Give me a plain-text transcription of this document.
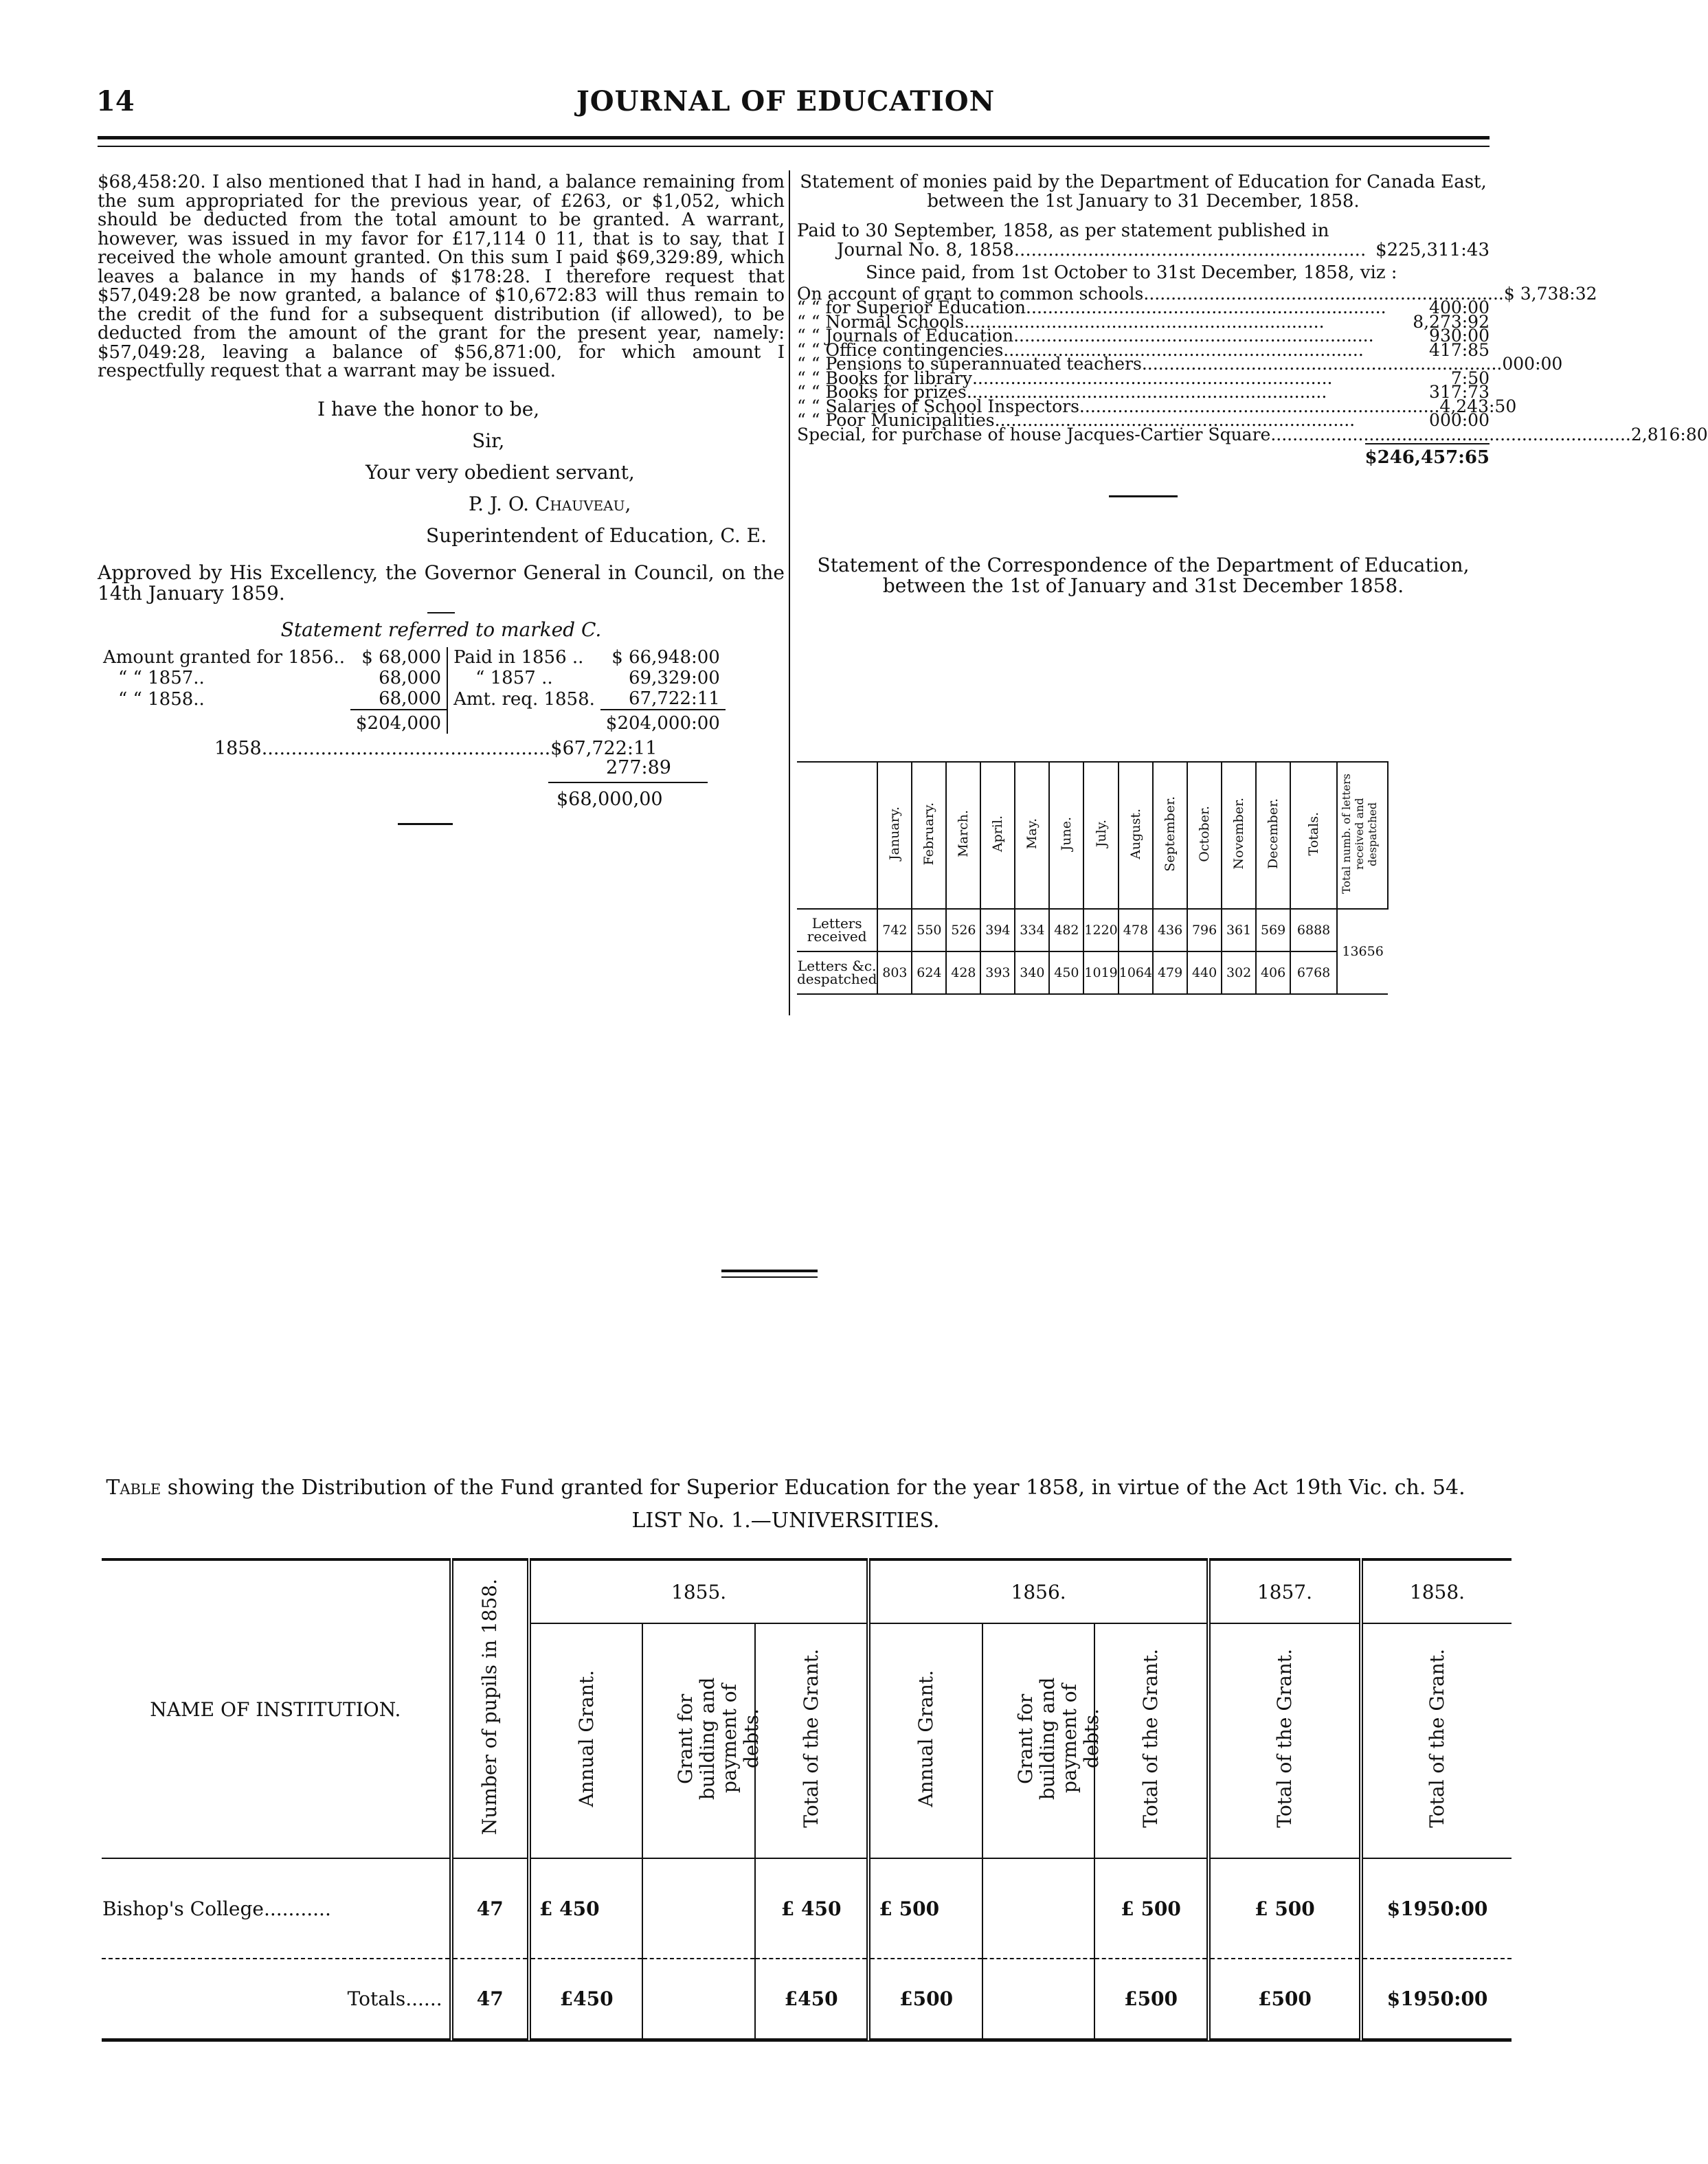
14	JOURNAL OF EDUCATION

$68,458:20. I also mentioned that I had in hand, a balance remaining from the sum appropriated for the previous year, of £263, or $1,052, which should be deducted from the total amount to be granted. A warrant, however, was issued in my favor for £17,114 0 11, that is to say, that I received the whole amount granted. On this sum I paid $69,329:89, which leaves a balance in my hands of $178:28. I therefore request that $57,049:28 be now granted, a balance of $10,672:83 will thus remain to the credit of the fund for a subsequent distribution (if allowed), to be deducted from the amount of the grant for the present year, namely: $57,049:28, leaving a balance of $56,871:00, for which amount I respectfully request that a warrant may be issued.

I have the honor to be,
Sir,
Your very obedient servant,
P. J. O. Chauveau,
Superintendent of Education, C. E.

Approved by His Excellency, the Governor General in Council, on the 14th January 1859.

Statement referred to marked C.
Amount granted for 1856..	$ 68,000
“ “ 1857..	68,000
“ “ 1858..	68,000
	$204,000
Paid in 1856 ..	$ 66,948:00
“ 1857 ..	69,329:00
Amt. req. 1858.	67,722:11
	$204,000:00
1858 ................................................. $67,722:11
277:89
$68,000,00
Statement of monies paid by the Department of Education for Canada East, between the 1st January to 31 December, 1858.
Paid to 30 September, 1858, as per statement published in
Journal No. 8, 1858 .............................................................. $225,311:43
Since paid, from 1st October to 31st December, 1858, viz :
On account of grant to common schools .................................................................. $ 3,738:32
“ “ for Superior Education ..................................................................	400:00
“ “ Normal Schools ..................................................................	8,273:92
“ “ Journals of Education ..................................................................	930:00
“ “ Office contingencies ..................................................................	417:85
“ “ Pensions to superannuated teachers .................................................................. 000:00
“ “ Books for library ..................................................................	7:50
“ “ Books for prizes ..................................................................	317:73
“ “ Salaries of School Inspectors .................................................................. 4,243:50
“ “ Poor Municipalities ..................................................................	000:00
Special, for purchase of house Jacques-Cartier Square .................................................................. 2,816:80
$246,457:65
Statement of the Correspondence of the Department of Education, between the 1st of January and 31st December 1858.
	January.	February.	March.	April.	May.	June.	July.	August.	September.	October.	November.	December.	Totals.	Total numb. of letters received and despatched
Letters received	742	550	526	394	334	482	1220	478	436	796	361	569	6888	13656
Letters &c. despatched	803	624	428	393	340	450	1019	1064	479	440	302	406	6768	
Table showing the Distribution of the Fund granted for Superior Education for the year 1858, in virtue of the Act 19th Vic. ch. 54.
LIST No. 1.—UNIVERSITIES.
NAME OF INSTITUTION.	Number of pupils in 1858.	1855.			1856.			1857.	1858.
		Annual Grant.	Grant for building and payment of debts.	Total of the Grant.	Annual Grant.	Grant for building and payment of debts.	Total of the Grant.	Total of the Grant.	Total of the Grant.
Bishop's College...........	47	£ 450		£ 450	£ 500		£ 500	£ 500	$1950:00
Totals......	47	£450		£450	£500		£500	£500	$1950:00
